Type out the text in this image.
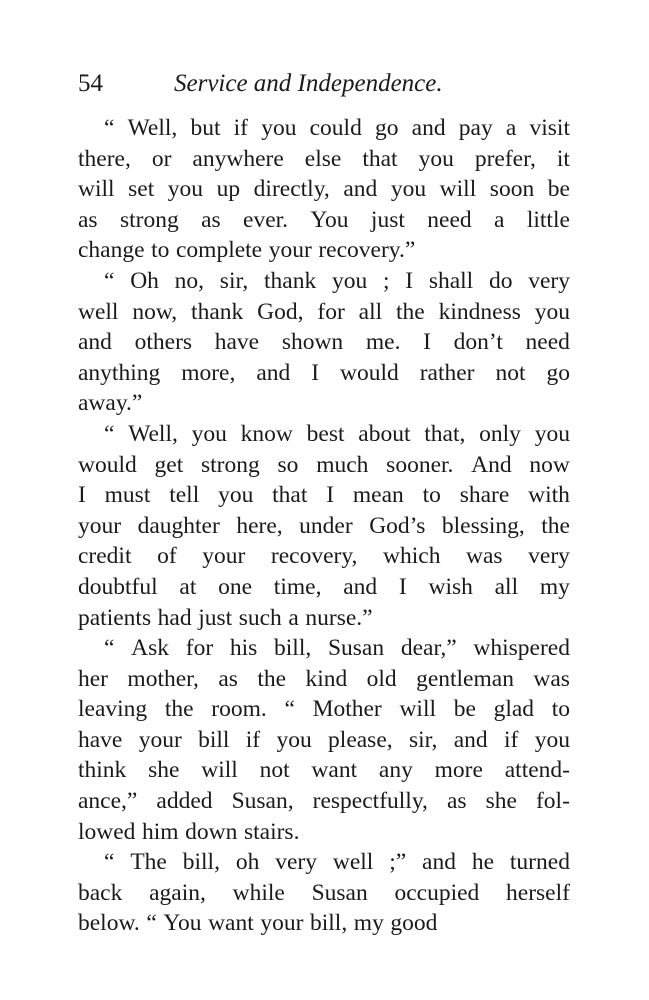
54	Service and Independence.
“ Well, but if you could go and pay a visit
there, or anywhere else that you prefer, it
will set you up directly, and you will soon be
as strong as ever. You just need a little
change to complete your recovery.”
“ Oh no, sir, thank you ; I shall do very
well now, thank God, for all the kindness you
and others have shown me. I don’t need
anything more, and I would rather not go
away.”
“ Well, you know best about that, only you
would get strong so much sooner. And now
I must tell you that I mean to share with
your daughter here, under God’s blessing, the
credit of your recovery, which was very
doubtful at one time, and I wish all my
patients had just such a nurse.”
“ Ask for his bill, Susan dear,” whispered
her mother, as the kind old gentleman was
leaving the room. “ Mother will be glad to
have your bill if you please, sir, and if you
think she will not want any more attend-
ance,” added Susan, respectfully, as she fol-
lowed him down stairs.
“ The bill, oh very well ;” and he turned
back again, while Susan occupied herself
below. “ You want your bill, my good
